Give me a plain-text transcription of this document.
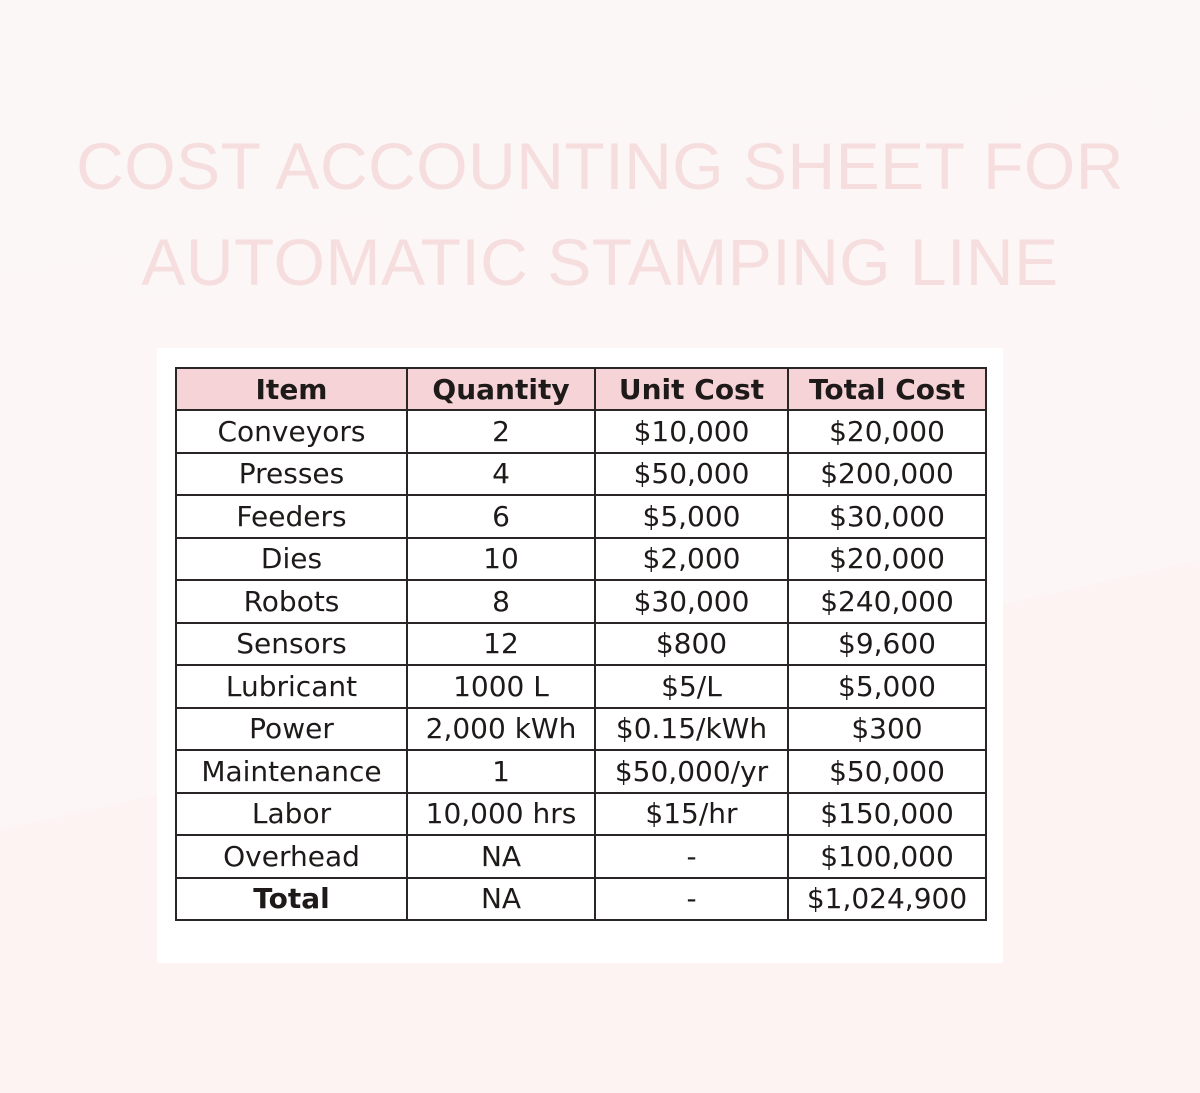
COST ACCOUNTING SHEET FOR
AUTOMATIC STAMPING LINE
Item	Quantity	Unit Cost	Total Cost
Conveyors	2	$10,000	$20,000
Presses	4	$50,000	$200,000
Feeders	6	$5,000	$30,000
Dies	10	$2,000	$20,000
Robots	8	$30,000	$240,000
Sensors	12	$800	$9,600
Lubricant	1000 L	$5/L	$5,000
Power	2,000 kWh	$0.15/kWh	$300
Maintenance	1	$50,000/yr	$50,000
Labor	10,000 hrs	$15/hr	$150,000
Overhead	NA	-	$100,000
Total	NA	-	$1,024,900
